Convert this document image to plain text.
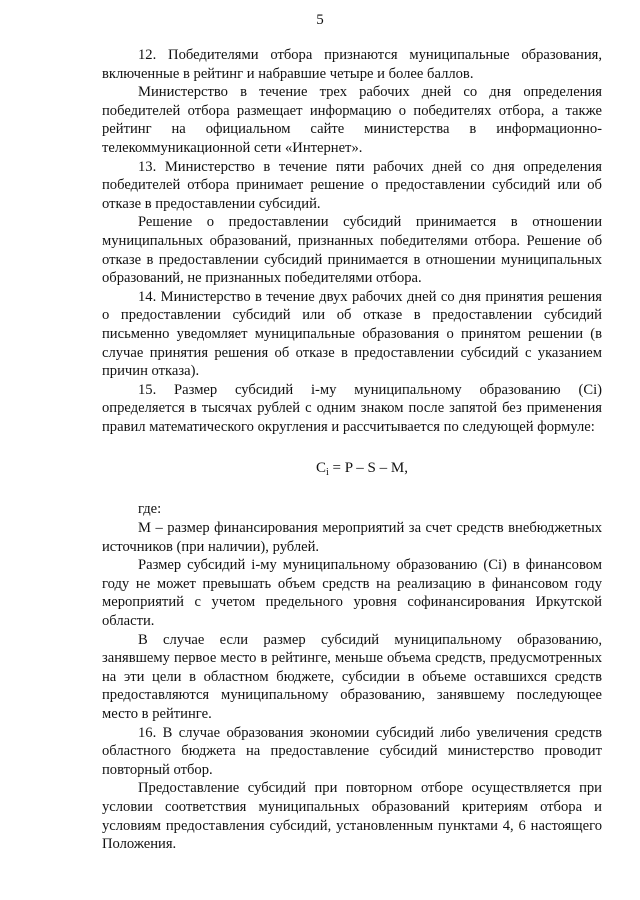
5

12. Победителями отбора признаются муниципальные образования, включенные в рейтинг и набравшие четыре и более баллов.

Министерство в течение трех рабочих дней со дня определения победителей отбора размещает информацию о победителях отбора, а также рейтинг на официальном сайте министерства в информационно-телекоммуникационной сети «Интернет».

13. Министерство в течение пяти рабочих дней со дня определения победителей отбора принимает решение о предоставлении субсидий или об отказе в предоставлении субсидий.

Решение о предоставлении субсидий принимается в отношении муниципальных образований, признанных победителями отбора. Решение об отказе в предоставлении субсидий принимается в отношении муниципальных образований, не признанных победителями отбора.

14. Министерство в течение двух рабочих дней со дня принятия решения о предоставлении субсидий или об отказе в предоставлении субсидий письменно уведомляет муниципальные образования о принятом решении (в случае принятия решения об отказе в предоставлении субсидий с указанием причин отказа).

15. Размер субсидий i-му муниципальному образованию (Ci) определяется в тысячах рублей с одним знаком после запятой без применения правил математического округления и рассчитывается по следующей формуле:

$C_i = P - S - M$,

где:

M – размер финансирования мероприятий за счет средств внебюджетных источников (при наличии), рублей.

Размер субсидий i-му муниципальному образованию (Ci) в финансовом году не может превышать объем средств на реализацию в финансовом году мероприятий с учетом предельного уровня софинансирования Иркутской области.

В случае если размер субсидий муниципальному образованию, занявшему первое место в рейтинге, меньше объема средств, предусмотренных на эти цели в областном бюджете, субсидии в объеме оставшихся средств предоставляются муниципальному образованию, занявшему последующее место в рейтинге.

16. В случае образования экономии субсидий либо увеличения средств областного бюджета на предоставление субсидий министерство проводит повторный отбор.

Предоставление субсидий при повторном отборе осуществляется при условии соответствия муниципальных образований критериям отбора и условиям предоставления субсидий, установленным пунктами 4, 6 настоящего Положения.
